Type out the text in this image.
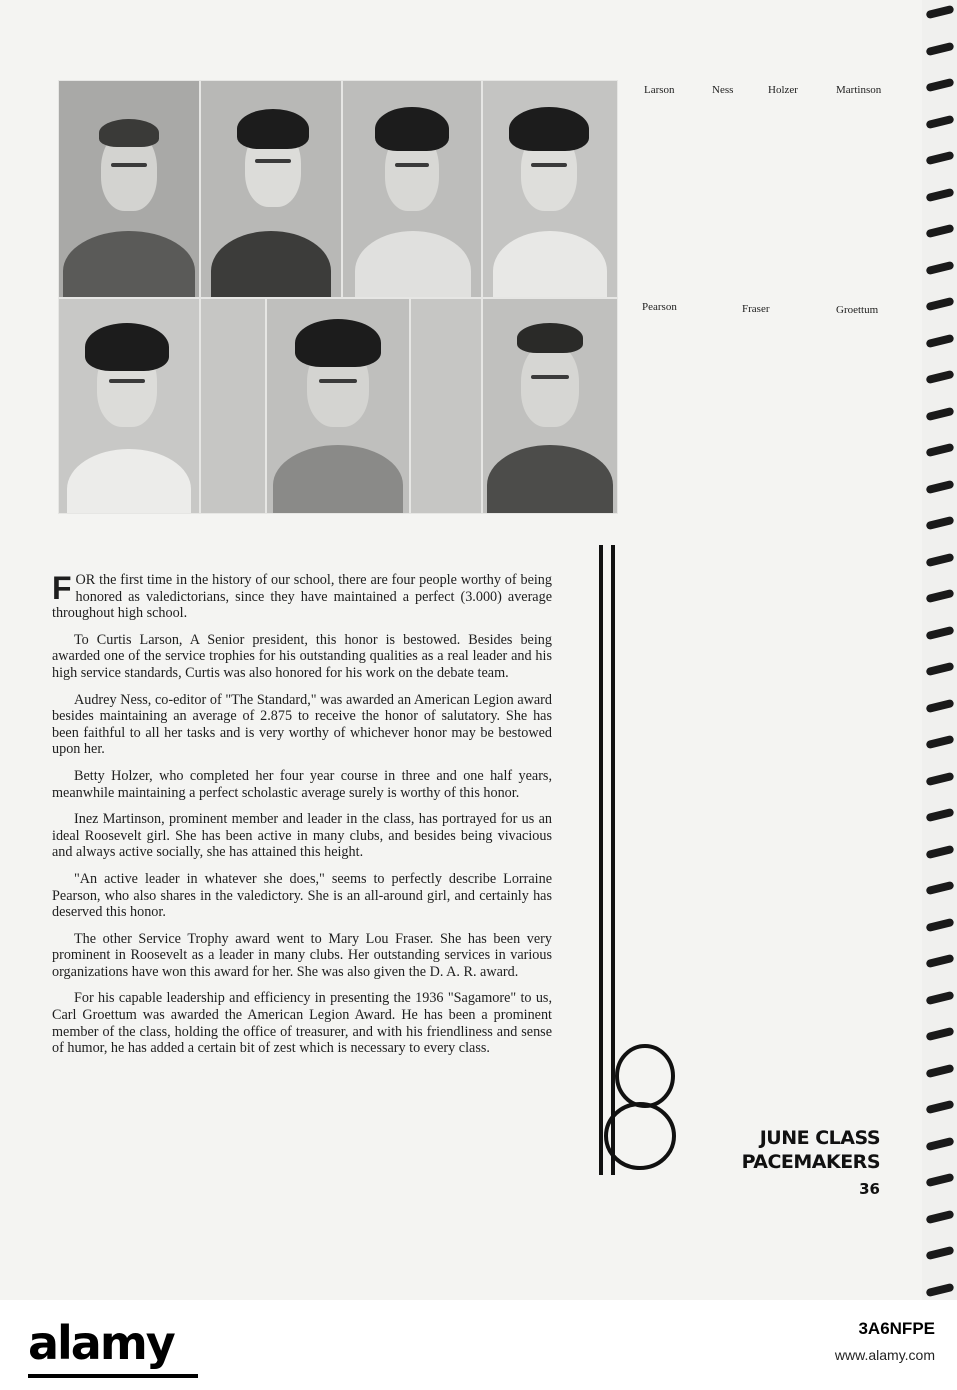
Larson	Ness	Holzer	Martinson
Pearson	Fraser	Groettum

FOR the first time in the history of our school, there are four people worthy of being honored as valedictorians, since they have maintained a perfect (3.000) average throughout high school.

To Curtis Larson, A Senior president, this honor is bestowed. Besides being awarded one of the service trophies for his outstanding qualities as a real leader and his high service standards, Curtis was also honored for his work on the debate team.

Audrey Ness, co-editor of "The Standard," was awarded an American Legion award besides maintaining an average of 2.875 to receive the honor of salutatory. She has been faithful to all her tasks and is very worthy of whichever honor may be bestowed upon her.

Betty Holzer, who completed her four year course in three and one half years, meanwhile maintaining a perfect scholastic average surely is worthy of this honor.

Inez Martinson, prominent member and leader in the class, has portrayed for us an ideal Roosevelt girl. She has been active in many clubs, and besides being vivacious and always active socially, she has attained this height.

"An active leader in whatever she does," seems to perfectly describe Lorraine Pearson, who also shares in the valedictory. She is an all-around girl, and certainly has deserved this honor.

The other Service Trophy award went to Mary Lou Fraser. She has been very prominent in Roosevelt as a leader in many clubs. Her outstanding services in various organizations have won this award for her. She was also given the D. A. R. award.

For his capable leadership and efficiency in presenting the 1936 "Sagamore" to us, Carl Groettum was awarded the American Legion Award. He has been a prominent member of the class, holding the office of treasurer, and with his friendliness and sense of humor, he has added a certain bit of zest which is necessary to every class.

JUNE CLASS
PACEMAKERS
36
alamy	3A6NFPE
www.alamy.com
